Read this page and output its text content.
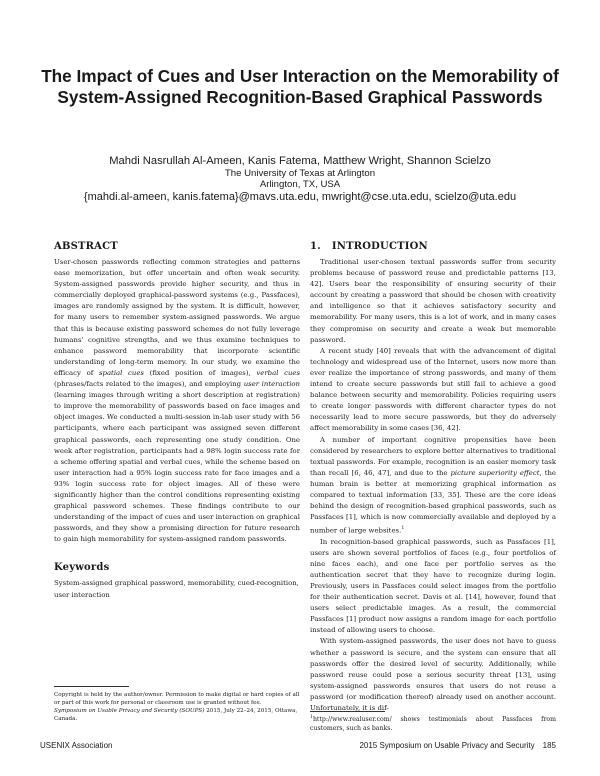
The Impact of Cues and User Interaction on the Memorability of System-Assigned Recognition-Based Graphical Passwords
Mahdi Nasrullah Al-Ameen, Kanis Fatema, Matthew Wright, Shannon Scielzo
The University of Texas at Arlington
Arlington, TX, USA
{mahdi.al-ameen, kanis.fatema}@mavs.uta.edu, mwright@cse.uta.edu, scielzo@uta.edu
ABSTRACT

User-chosen passwords reflecting common strategies and patterns ease memorization, but offer uncertain and often weak security. System-assigned passwords provide higher security, and thus in commercially deployed graphical-password systems (e.g., Passfaces), images are randomly assigned by the system. It is difficult, however, for many users to remember system-assigned passwords. We argue that this is because existing password schemes do not fully leverage humans' cognitive strengths, and we thus examine techniques to enhance password memorability that incorporate scientific understanding of long-term memory. In our study, we examine the efficacy of spatial cues (fixed position of images), verbal cues (phrases/facts related to the images), and employing user interaction (learning images through writing a short description at registration) to improve the memorability of passwords based on face images and object images. We conducted a multi-session in-lab user study with 56 participants, where each participant was assigned seven different graphical passwords, each representing one study condition. One week after registration, participants had a 98% login success rate for a scheme offering spatial and verbal cues, while the scheme based on user interaction had a 95% login success rate for face images and a 93% login success rate for object images. All of these were significantly higher than the control conditions representing existing graphical password schemes. These findings contribute to our understanding of the impact of cues and user interaction on graphical passwords, and they show a promising direction for future research to gain high memorability for system-assigned random passwords.

Keywords

System-assigned graphical password, memorability, cued-recognition, user interaction

Copyright is held by the author/owner. Permission to make digital or hard copies of all or part of this work for personal or classroom use is granted without fee.
Symposium on Usable Privacy and Security (SOUPS) 2015, July 22–24, 2015, Ottawa, Canada.
1.   INTRODUCTION

Traditional user-chosen textual passwords suffer from security problems because of password reuse and predictable patterns [13, 42]. Users bear the responsibility of ensuring security of their account by creating a password that should be chosen with creativity and intelligence so that it achieves satisfactory security and memorability. For many users, this is a lot of work, and in many cases they compromise on security and create a weak but memorable password.

A recent study [40] reveals that with the advancement of digital technology and widespread use of the Internet, users now more than ever realize the importance of strong passwords, and many of them intend to create secure passwords but still fail to achieve a good balance between security and memorability. Policies requiring users to create longer passwords with different character types do not necessarily lead to more secure passwords, but they do adversely affect memorability in some cases [36, 42].

A number of important cognitive propensities have been considered by researchers to explore better alternatives to traditional textual passwords. For example, recognition is an easier memory task than recall [6, 46, 47], and due to the picture superiority effect, the human brain is better at memorizing graphical information as compared to textual information [33, 35]. These are the core ideas behind the design of recognition-based graphical passwords, such as Passfaces [1], which is now commercially available and deployed by a number of large websites.$^1$

In recognition-based graphical passwords, such as Passfaces [1], users are shown several portfolios of faces (e.g., four portfolios of nine faces each), and one face per portfolio serves as the authentication secret that they have to recognize during login. Previously, users in Passfaces could select images from the portfolio for their authentication secret. Davis et al. [14], however, found that users select predictable images. As a result, the commercial Passfaces [1] product now assigns a random image for each portfolio instead of allowing users to choose.

With system-assigned passwords, the user does not have to guess whether a password is secure, and the system can ensure that all passwords offer the desired level of security. Additionally, while password reuse could pose a serious security threat [13], using system-assigned passwords ensures that users do not reuse a password (or modification thereof) already used on another account. Unfortunately, it is dif-

$^1$http://www.realuser.com/ shows testimonials about Passfaces from customers, such as banks.
USENIX Association	2015 Symposium on Usable Privacy and Security 185
